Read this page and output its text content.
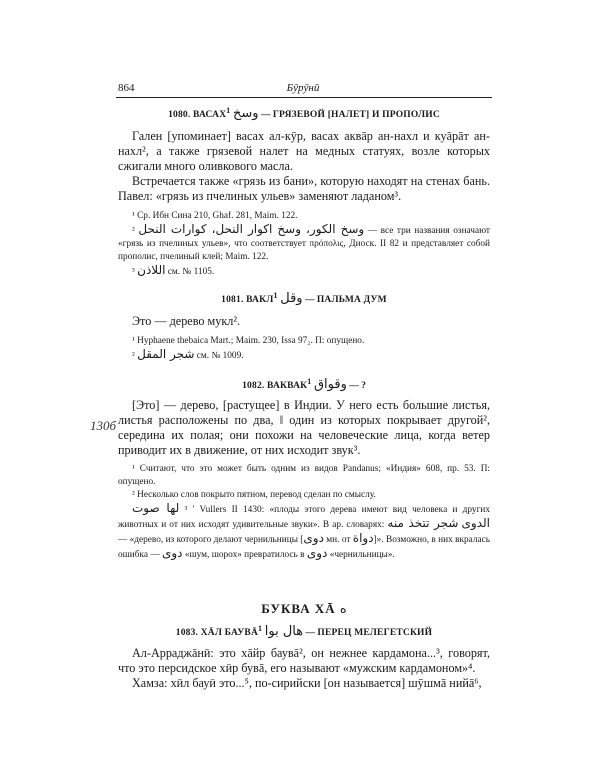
864	Бӯрӯнӣ
130б
1080. ВАСАХ$^1$ وسخ — ГРЯЗЕВОЙ [НАЛЕТ] И ПРОПОЛИС

Гален [упоминает] васах ал-кӯр, васах аквāр ан-нахл и куāрāт ан-нахл², а также грязевой налет на медных статуях, возле которых сжигали много оливкового масла.

Встречается также «грязь из бани», которую находят на стенах бань. Павел: «грязь из пчелиных ульев» заменяют ладаном³.

¹ Ср. Ибн Сина 210, Ghaf. 281, Maim. 122.

² وسخ الكور، وسخ اكوار النحل، كوارات النحل — все три названия означают «грязь из пчелиных ульев», что соответствует πρόπολις, Диоск. II 82 и представляет собой прополис, пчелиный клей; Maim. 122.

³ اللاذن см. № 1105.

1081. ВАКЛ$^1$ وقل — ПАЛЬМА ДУМ

Это — дерево мукл².

¹ Hyphaene thebaica Mart.; Maim. 230, Issa 97₂. П: опущено.

² شجر المقل см. № 1009.

1082. ВАКВАК$^1$ وقواق — ?

[Это] — дерево, [растущее] в Индии. У него есть большие листья, листья расположены по два, ‖ один из которых покрывает другой², середина их полая; они похожи на человеческие лица, когда ветер приводит их в движение, от них исходит звук³.

¹ Считают, что это может быть одним из видов Pandanus; «Индия» 608, пр. 53. П: опущено.

² Несколько слов покрыто пятном, перевод сделан по смыслу.

لها صوت ³ ' Vullers II 1430: «плоды этого дерева имеют вид человека и других животных и от них исходят удивительные звуки». В ар. словарях: شجر تتخذ منه الدوى — «дерево, из которого делают чернильницы [دوى мн. от دواة]». Возможно, в них вкралась ошибка — دوى «шум, шорох» превратилось в دوى «чернильницы».

БУКВА ХĀ ه
1083. ХĀЛ БАУВĀ$^1$ هال بوا — ПЕРЕЦ МЕЛЕГЕТСКИЙ

Ал-Арраджāнӣ: это хāйр баувā², он нежнее кардамона...³, говорят, что это персидское хӣр бувā, его называют «мужским кардамоном»⁴.

Хамза: хӣл бауӣ это...⁵, по-сирийски [он называется] шӯшмā нийā⁶,
